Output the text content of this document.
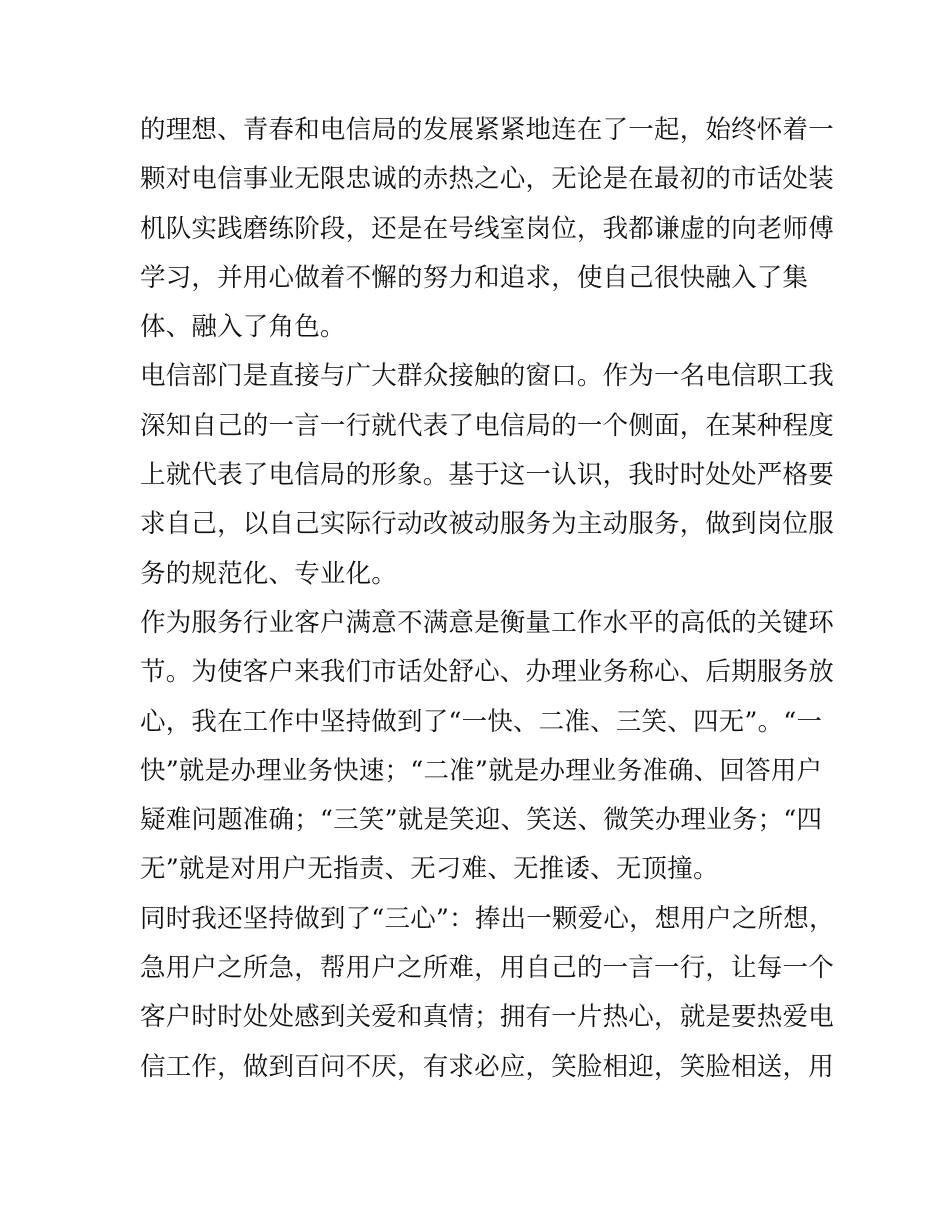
的理想、青春和电信局的发展紧紧地连在了一起，始终怀着一
颗对电信事业无限忠诚的赤热之心，无论是在最初的市话处装
机队实践磨练阶段，还是在号线室岗位，我都谦虚的向老师傅
学习，并用心做着不懈的努力和追求，使自己很快融入了集
体、融入了角色。
电信部门是直接与广大群众接触的窗口。作为一名电信职工我
深知自己的一言一行就代表了电信局的一个侧面，在某种程度
上就代表了电信局的形象。基于这一认识，我时时处处严格要
求自己，以自己实际行动改被动服务为主动服务，做到岗位服
务的规范化、专业化。
作为服务行业客户满意不满意是衡量工作水平的高低的关键环
节。为使客户来我们市话处舒心、办理业务称心、后期服务放
心，我在工作中坚持做到了“一快、二准、三笑、四无”。“一
快”就是办理业务快速；“二准”就是办理业务准确、回答用户
疑难问题准确；“三笑”就是笑迎、笑送、微笑办理业务；“四
无”就是对用户无指责、无刁难、无推诿、无顶撞。
同时我还坚持做到了“三心”：捧出一颗爱心，想用户之所想，
急用户之所急，帮用户之所难，用自己的一言一行，让每一个
客户时时处处感到关爱和真情；拥有一片热心，就是要热爱电
信工作，做到百问不厌，有求必应，笑脸相迎，笑脸相送，用
